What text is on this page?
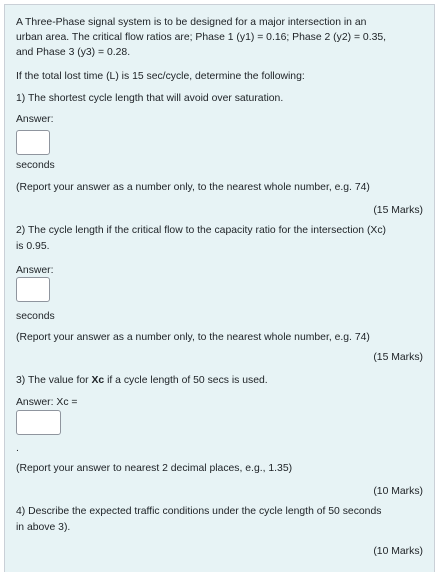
A Three-Phase signal system is to be designed for a major intersection in an
urban area. The critical flow ratios are; Phase 1 (y1) = 0.16; Phase 2 (y2) = 0.35,
and Phase 3 (y3) = 0.28.
If the total lost time (L) is 15 sec/cycle, determine the following:
1) The shortest cycle length that will avoid over saturation.
Answer:
seconds
(Report your answer as a number only, to the nearest whole number, e.g. 74)
(15 Marks)
2) The cycle length if the critical flow to the capacity ratio for the intersection (Xc)
is 0.95.
Answer:
seconds
(Report your answer as a number only, to the nearest whole number, e.g. 74)
(15 Marks)
3) The value for Xc if a cycle length of 50 secs is used.
Answer: Xc =
.
(Report your answer to nearest 2 decimal places, e.g., 1.35)
(10 Marks)
4) Describe the expected traffic conditions under the cycle length of 50 seconds
in above 3).
(10 Marks)
